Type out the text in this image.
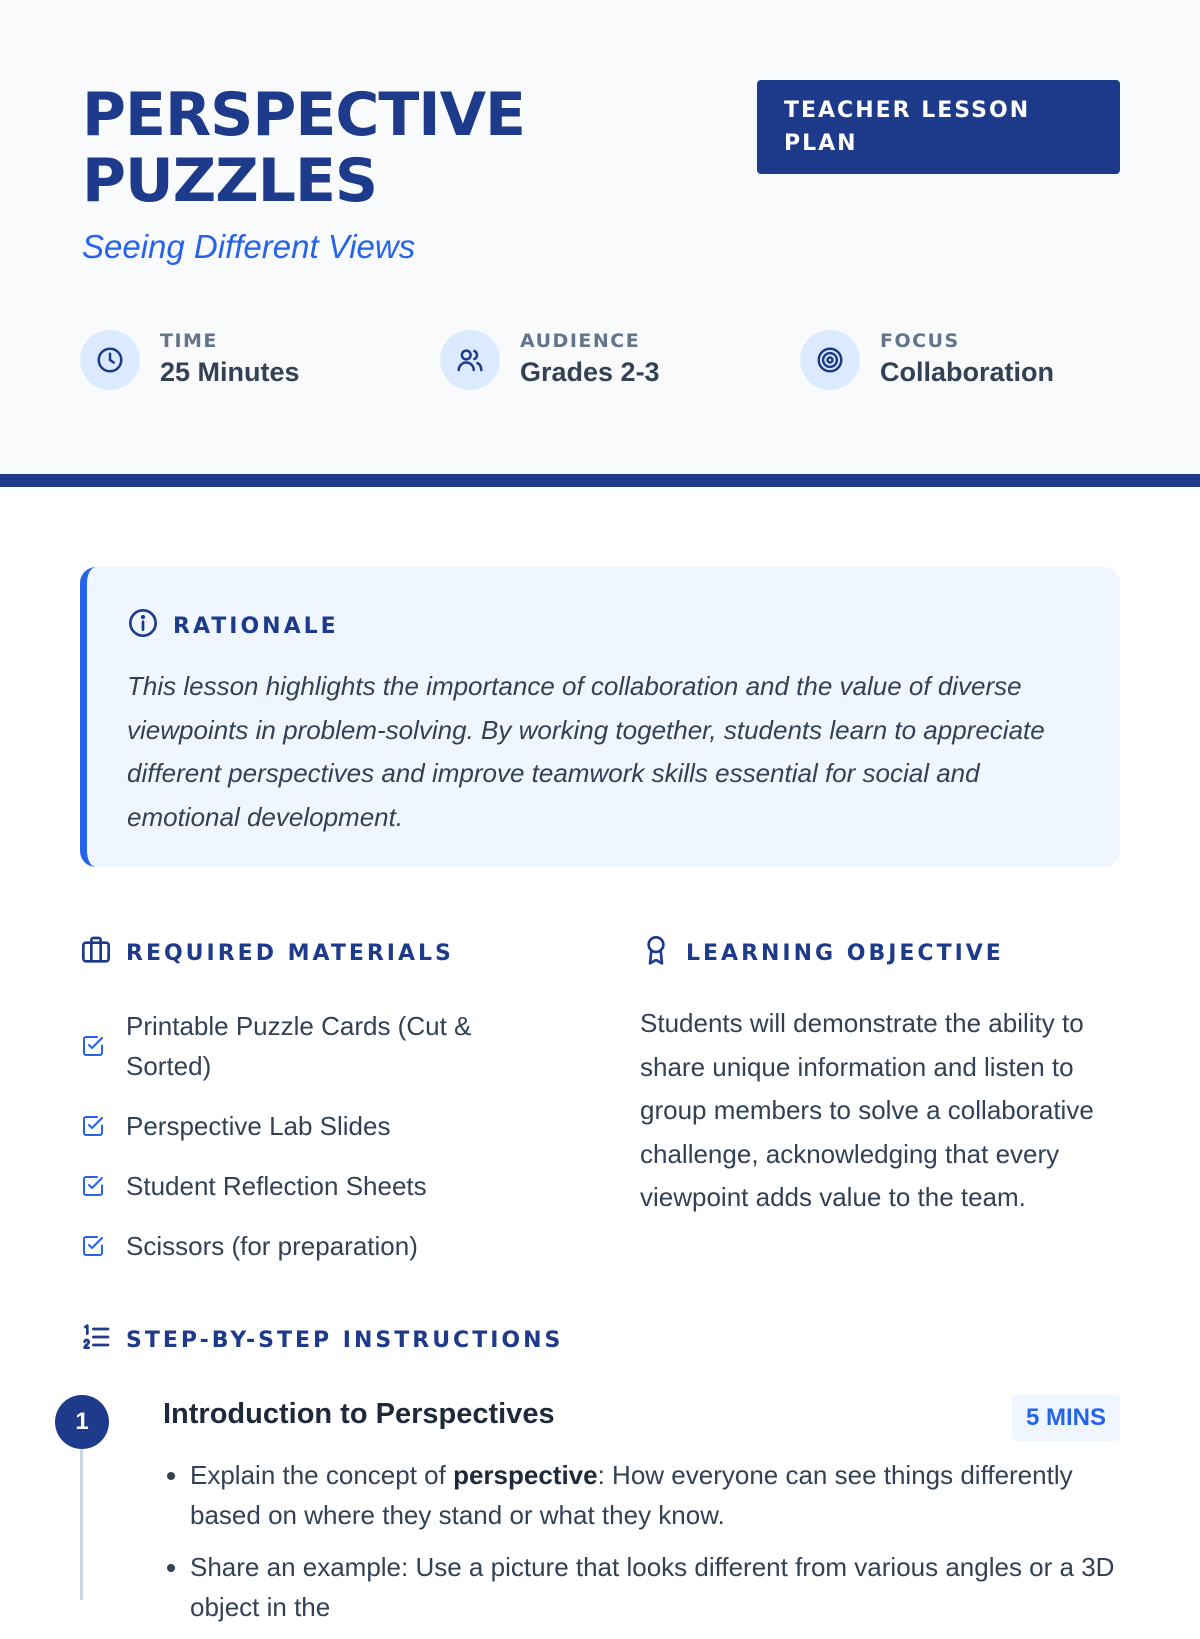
PERSPECTIVE
PUZZLES
Seeing Different Views
TEACHER LESSON PLAN
TIME
25 Minutes
AUDIENCE
Grades 2-3
FOCUS
Collaboration
RATIONALE

This lesson highlights the importance of collaboration and the value of diverse viewpoints in problem-solving. By working together, students learn to appreciate different perspectives and improve teamwork skills essential for social and emotional development.

REQUIRED MATERIALS
Printable Puzzle Cards (Cut & Sorted)
Perspective Lab Slides
Student Reflection Sheets
Scissors (for preparation)
LEARNING OBJECTIVE

Students will demonstrate the ability to share unique information and listen to group members to solve a collaborative challenge, acknowledging that every viewpoint adds value to the team.

STEP-BY-STEP INSTRUCTIONS
1	Introduction to Perspectives	5 MINS
• Explain the concept of perspective: How everyone can see things differently based on where they stand or what they know.
• Share an example: Use a picture that looks different from various angles or a 3D object in the
